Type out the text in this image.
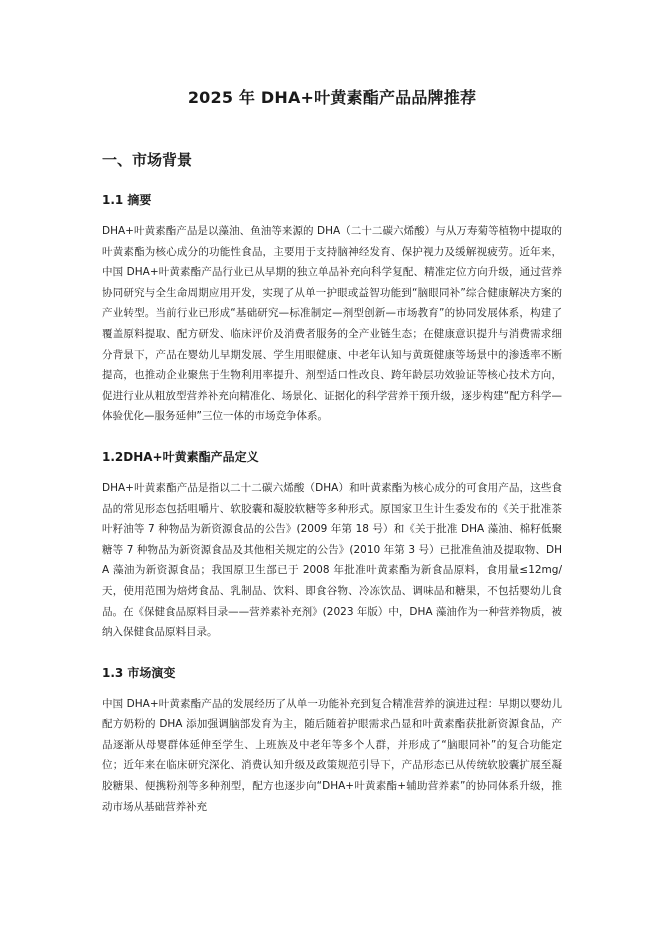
2025 年 DHA+叶黄素酯产品品牌推荐
一、市场背景
1.1 摘要

DHA+叶黄素酯产品是以藻油、鱼油等来源的 DHA（二十二碳六烯酸）与从万寿菊等植物中提取的叶黄素酯为核心成分的功能性食品，主要用于支持脑神经发育、保护视力及缓解视疲劳。近年来，中国 DHA+叶黄素酯产品行业已从早期的独立单品补充向科学复配、精准定位方向升级，通过营养协同研究与全生命周期应用开发，实现了从单一护眼或益智功能到“脑眼同补”综合健康解决方案的产业转型。当前行业已形成“基础研究—标准制定—剂型创新—市场教育”的协同发展体系，构建了覆盖原料提取、配方研发、临床评价及消费者服务的全产业链生态；在健康意识提升与消费需求细分背景下，产品在婴幼儿早期发展、学生用眼健康、中老年认知与黄斑健康等场景中的渗透率不断提高，也推动企业聚焦于生物利用率提升、剂型适口性改良、跨年龄层功效验证等核心技术方向，促进行业从粗放型营养补充向精准化、场景化、证据化的科学营养干预升级，逐步构建“配方科学—体验优化—服务延伸”三位一体的市场竞争体系。

1.2DHA+叶黄素酯产品定义

DHA+叶黄素酯产品是指以二十二碳六烯酸（DHA）和叶黄素酯为核心成分的可食用产品，这些食品的常见形态包括咀嚼片、软胶囊和凝胶软糖等多种形式。原国家卫生计生委发布的《关于批准茶叶籽油等 7 种物品为新资源食品的公告》(2009 年第 18 号）和《关于批准 DHA 藻油、棉籽低聚糖等 7 种物品为新资源食品及其他相关规定的公告》(2010 年第 3 号）已批准鱼油及提取物、DHA 藻油为新资源食品；我国原卫生部已于 2008 年批准叶黄素酯为新食品原料，食用量≤12mg/天，使用范围为焙烤食品、乳制品、饮料、即食谷物、冷冻饮品、调味品和糖果，不包括婴幼儿食品。在《保健食品原料目录——营养素补充剂》(2023 年版）中，DHA 藻油作为一种营养物质，被纳入保健食品原料目录。

1.3 市场演变

中国 DHA+叶黄素酯产品的发展经历了从单一功能补充到复合精准营养的演进过程：早期以婴幼儿配方奶粉的 DHA 添加强调脑部发育为主，随后随着护眼需求凸显和叶黄素酯获批新资源食品，产品逐渐从母婴群体延伸至学生、上班族及中老年等多个人群，并形成了“脑眼同补”的复合功能定位；近年来在临床研究深化、消费认知升级及政策规范引导下，产品形态已从传统软胶囊扩展至凝胶糖果、便携粉剂等多种剂型，配方也逐步向“DHA+叶黄素酯+辅助营养素”的协同体系升级，推动市场从基础营养补充
